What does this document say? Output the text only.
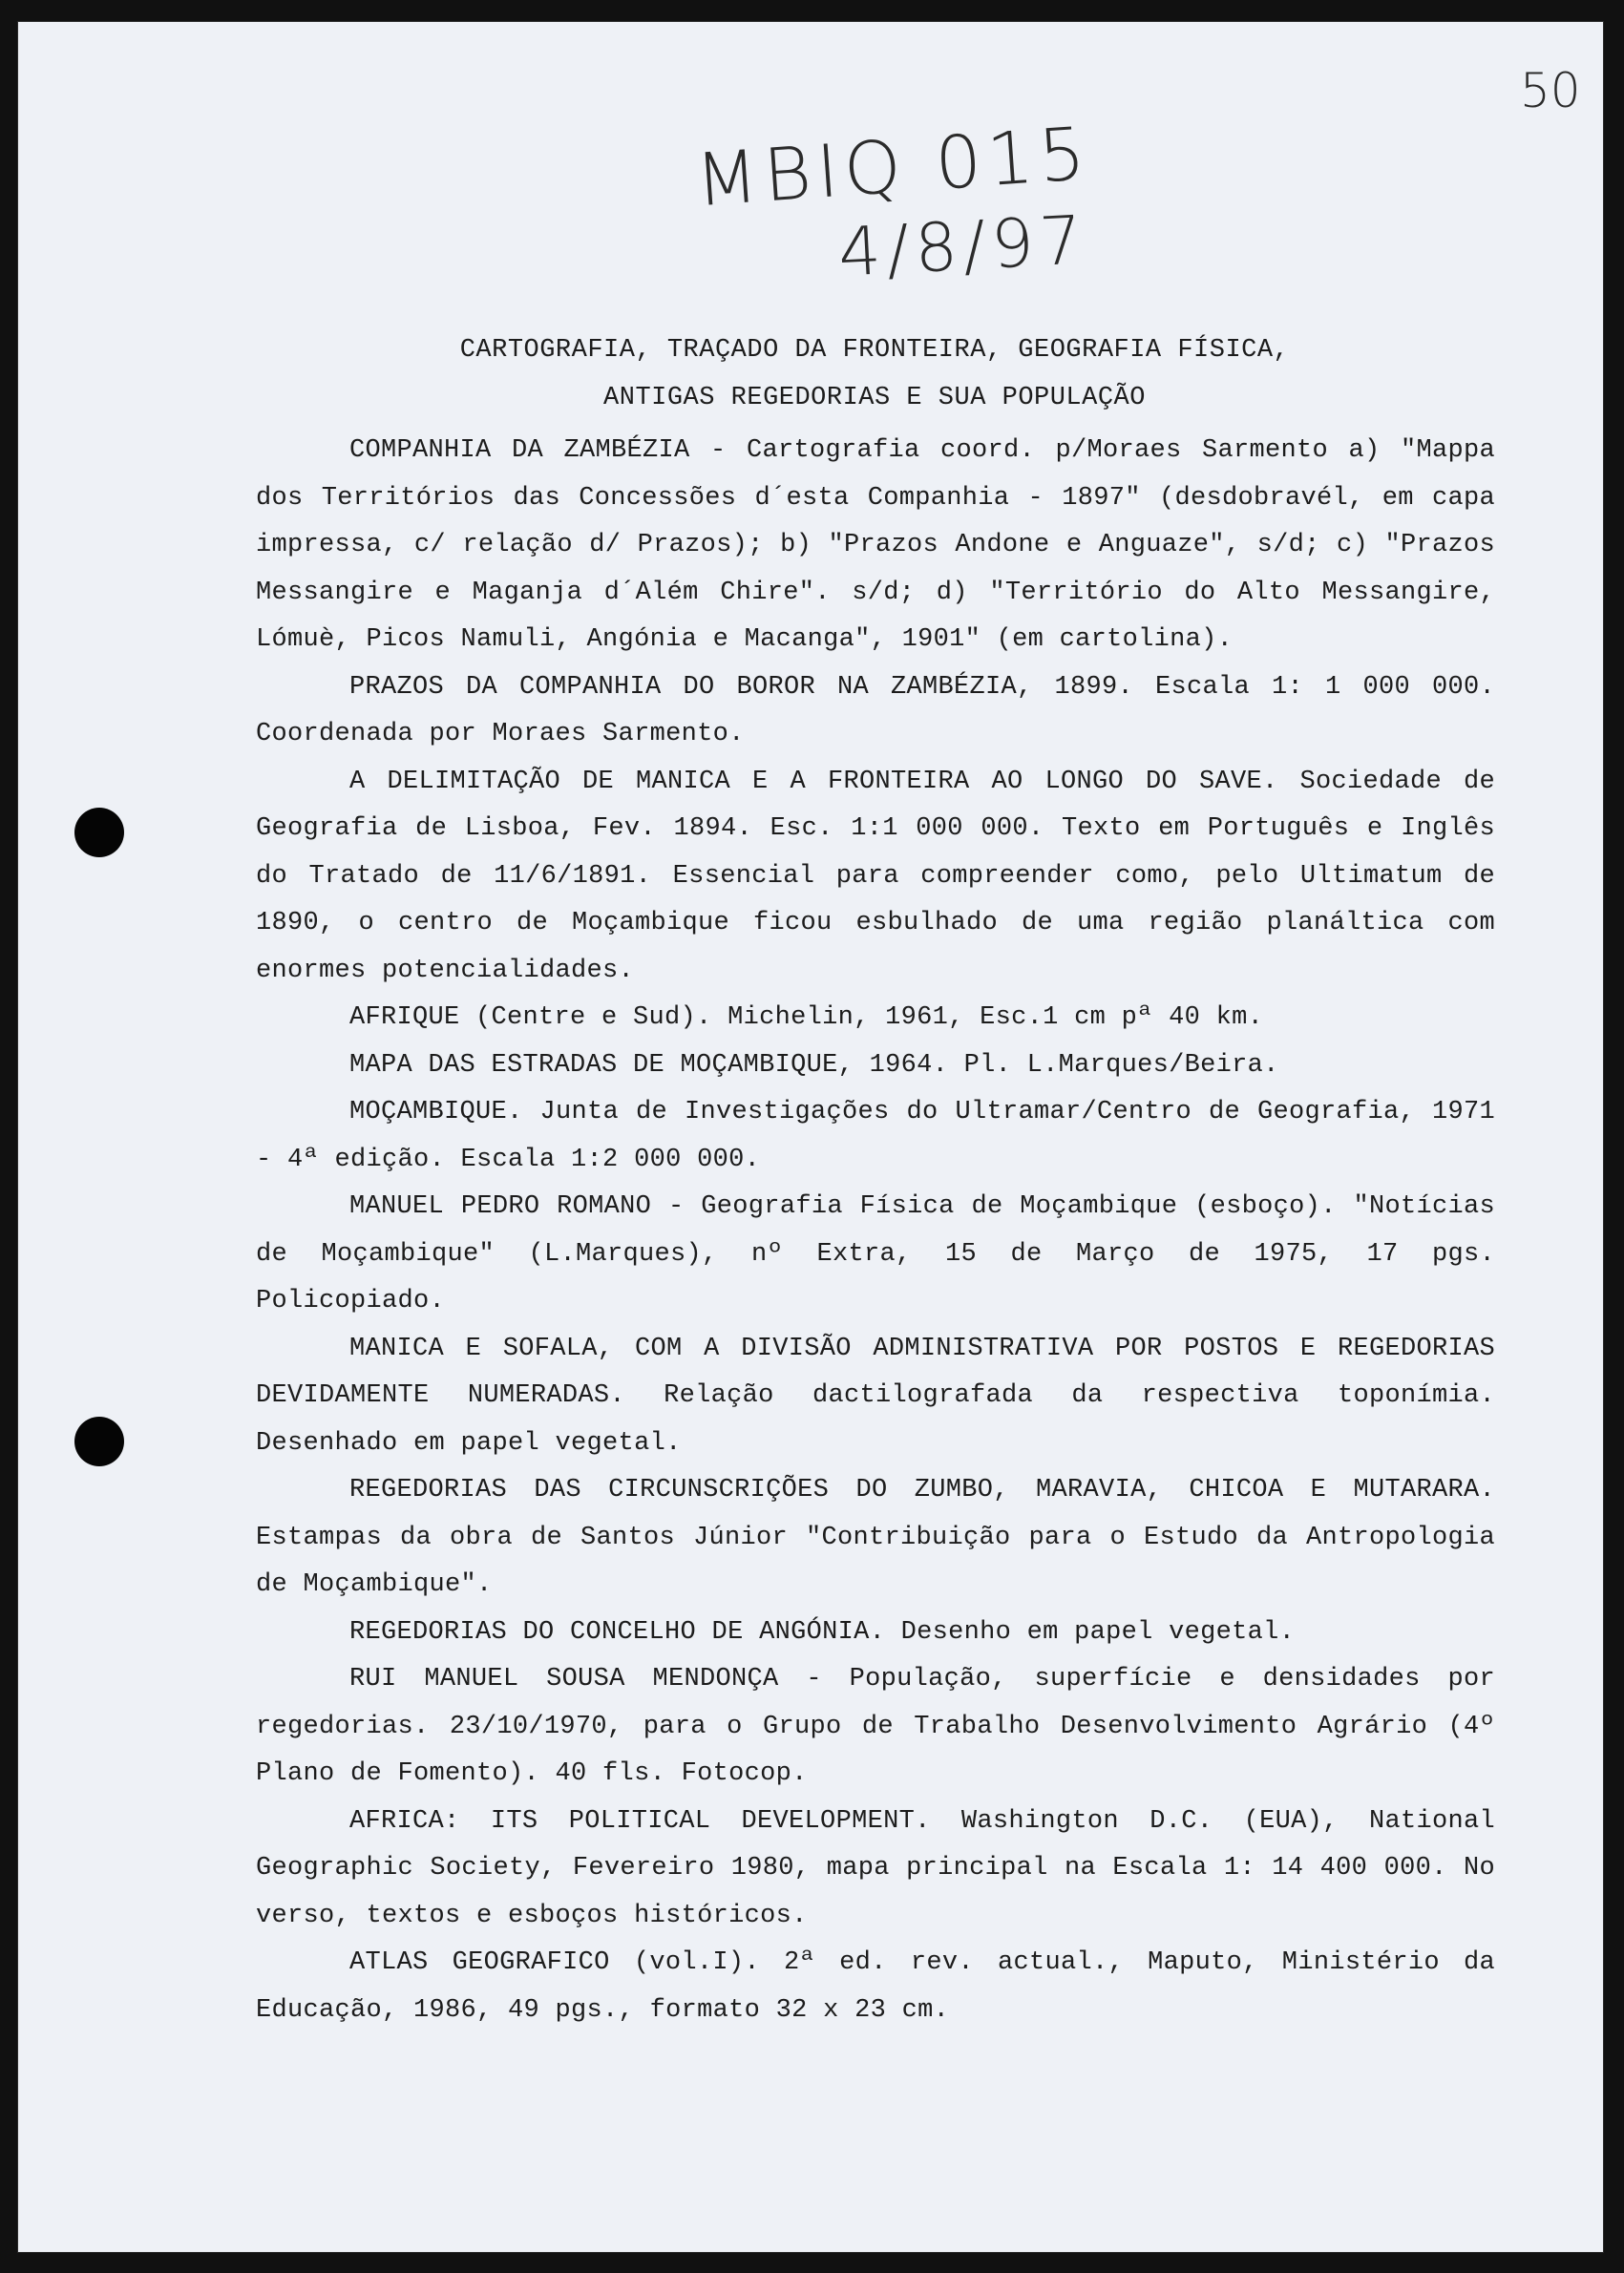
50
MBIQ 015
4/8/97
CARTOGRAFIA, TRAÇADO DA FRONTEIRA, GEOGRAFIA FÍSICA,
ANTIGAS REGEDORIAS E SUA POPULAÇÃO

COMPANHIA DA ZAMBÉZIA - Cartografia coord. p/Moraes Sarmento a) "Mappa dos Territórios das Concessões d´esta Companhia - 1897" (desdobravél, em capa impressa, c/ relação d/ Prazos); b) "Prazos Andone e Anguaze", s/d; c) "Prazos Messangire e Maganja d´Além Chire". s/d; d) "Território do Alto Messangire, Lómuè, Picos Namuli, Angónia e Macanga", 1901" (em cartolina).

PRAZOS DA COMPANHIA DO BOROR NA ZAMBÉZIA, 1899. Escala 1: 1 000 000. Coordenada por Moraes Sarmento.

A DELIMITAÇÃO DE MANICA E A FRONTEIRA AO LONGO DO SAVE. Sociedade de Geografia de Lisboa, Fev. 1894. Esc. 1:1 000 000. Texto em Português e Inglês do Tratado de 11/6/1891. Essencial para compreender como, pelo Ultimatum de 1890, o centro de Moçambique ficou esbulhado de uma região planáltica com enormes potencialidades.

AFRIQUE (Centre e Sud). Michelin, 1961, Esc.1 cm pª 40 km.

MAPA DAS ESTRADAS DE MOÇAMBIQUE, 1964. Pl. L.Marques/Beira.

MOÇAMBIQUE. Junta de Investigações do Ultramar/Centro de Geografia, 1971 - 4ª edição. Escala 1:2 000 000.

MANUEL PEDRO ROMANO - Geografia Física de Moçambique (esboço). "Notícias de Moçambique" (L.Marques), nº Extra, 15 de Março de 1975, 17 pgs. Policopiado.

MANICA E SOFALA, COM A DIVISÃO ADMINISTRATIVA POR POSTOS E REGEDORIAS DEVIDAMENTE NUMERADAS. Relação dactilografada da respectiva toponímia. Desenhado em papel vegetal.

REGEDORIAS DAS CIRCUNSCRIÇÕES DO ZUMBO, MARAVIA, CHICOA E MUTARARA. Estampas da obra de Santos Júnior "Contribuição para o Estudo da Antropologia de Moçambique".

REGEDORIAS DO CONCELHO DE ANGÓNIA. Desenho em papel vegetal.

RUI MANUEL SOUSA MENDONÇA - População, superfície e densidades por regedorias. 23/10/1970, para o Grupo de Trabalho Desenvolvimento Agrário (4º Plano de Fomento). 40 fls. Fotocop.

AFRICA: ITS POLITICAL DEVELOPMENT. Washington D.C. (EUA), National Geographic Society, Fevereiro 1980, mapa principal na Escala 1: 14 400 000. No verso, textos e esboços históricos.

ATLAS GEOGRAFICO (vol.I). 2ª ed. rev. actual., Maputo, Ministério da Educação, 1986, 49 pgs., formato 32 x 23 cm.
